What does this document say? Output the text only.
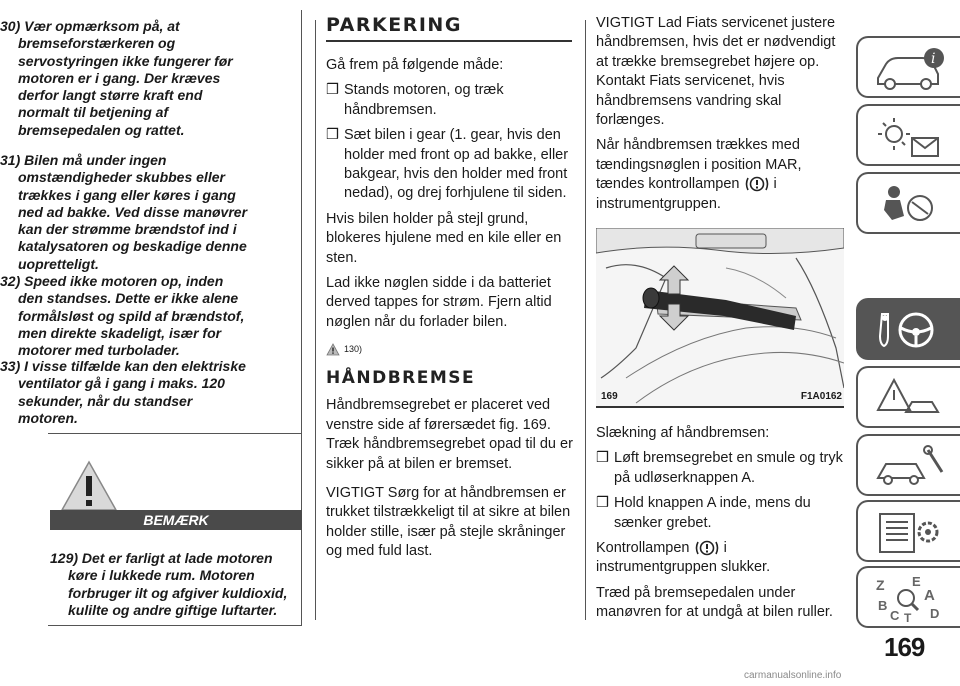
30) Vær opmærksom på, at bremseforstærkeren og servostyringen ikke fungerer før motoren er i gang. Der kræves derfor langt større kraft end normalt til betjening af bremsepedalen og rattet.
31) Bilen må under ingen omstændigheder skubbes eller trækkes i gang eller køres i gang ned ad bakke. Ved disse manøvrer kan der strømme brændstof ind i katalysatoren og beskadige denne uopretteligt.
32) Speed ikke motoren op, inden den standses. Dette er ikke alene formålsløst og spild af brændstof, men direkte skadeligt, især for motorer med turbolader.
33) I visse tilfælde kan den elektriske ventilator gå i gang i maks. 120 sekunder, når du standser motoren.
BEMÆRK
129) Det er farligt at lade motoren køre i lukkede rum. Motoren forbruger ilt og afgiver kuldioxid, kulilte og andre giftige luftarter.
PARKERING

Gå frem på følgende måde:

❒ Stands motoren, og træk håndbremsen.

❒ Sæt bilen i gear (1. gear, hvis den holder med front op ad bakke, eller bakgear, hvis den holder med front nedad), og drej forhjulene til siden.

Hvis bilen holder på stejl grund, blokeres hjulene med en kile eller en sten.

Lad ikke nøglen sidde i da batteriet derved tappes for strøm. Fjern altid nøglen når du forlader bilen.

130)
HÅNDBREMSE

Håndbremsegrebet er placeret ved venstre side af førersædet fig. 169. Træk håndbremsegrebet opad til du er sikker på at bilen er bremset.

VIGTIGT Sørg for at håndbremsen er trukket tilstrækkeligt til at sikre at bilen holder stille, især på stejle skråninger og med fuld last.

VIGTIGT Lad Fiats servicenet justere håndbremsen, hvis det er nødvendigt at trække bremsegrebet højere op. Kontakt Fiats servicenet, hvis håndbremsens vandring skal forlænges.

Når håndbremsen trækkes med tændingsnøglen i position MAR, tændes kontrollampen i instrumentgruppen.

169	F1A0162

Slækning af håndbremsen:

❒ Løft bremsegrebet en smule og tryk på udløserknappen A.

❒ Hold knappen A inde, mens du sænker grebet.

Kontrollampen i instrumentgruppen slukker.

Træd på bremsepedalen under manøvren for at undgå at bilen ruller.

i
Z E
A
B
C D
T
169
carmanualsonline.info
